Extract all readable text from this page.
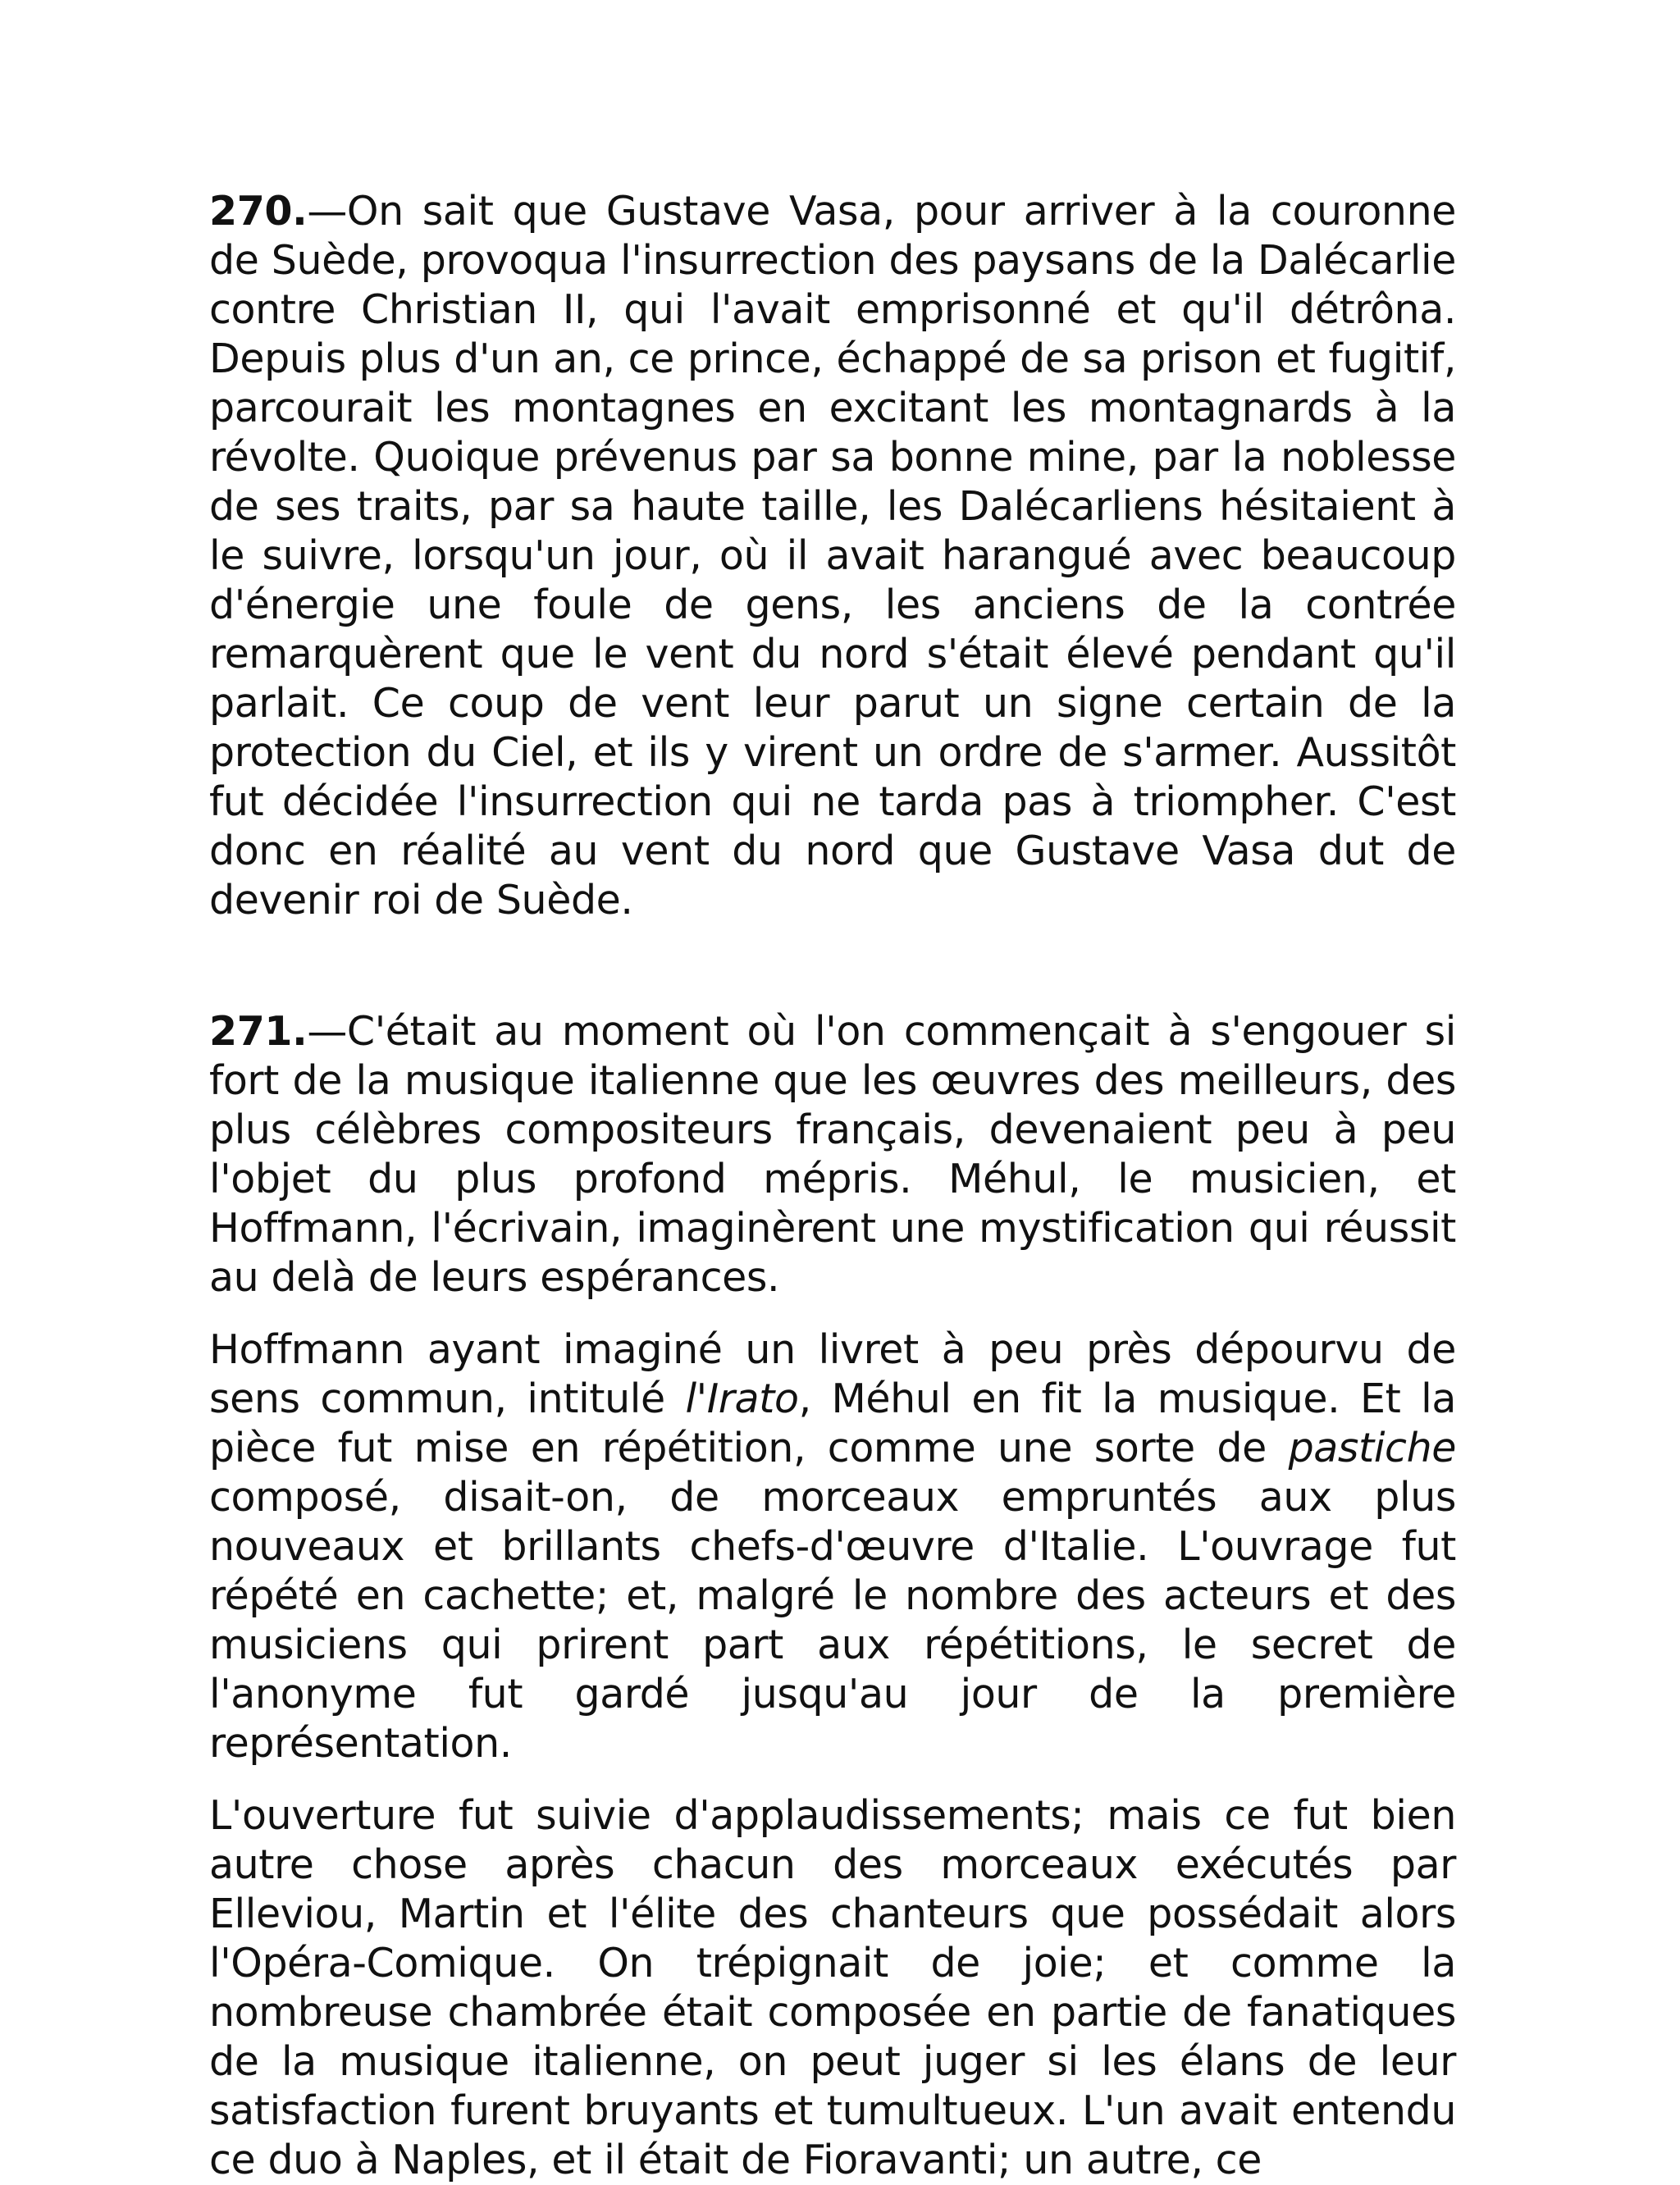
270.—On sait que Gustave Vasa, pour arriver à la couronne de Suède, provoqua l'insurrection des paysans de la Dalécarlie contre Christian II, qui l'avait emprisonné et qu'il détrôna. Depuis plus d'un an, ce prince, échappé de sa prison et fugitif, parcourait les montagnes en excitant les montagnards à la révolte. Quoique prévenus par sa bonne mine, par la noblesse de ses traits, par sa haute taille, les Dalécarliens hésitaient à le suivre, lorsqu'un jour, où il avait harangué avec beaucoup d'énergie une foule de gens, les anciens de la contrée remarquèrent que le vent du nord s'était élevé pendant qu'il parlait. Ce coup de vent leur parut un signe certain de la protection du Ciel, et ils y virent un ordre de s'armer. Aussitôt fut décidée l'insurrection qui ne tarda pas à triompher. C'est donc en réalité au vent du nord que Gustave Vasa dut de devenir roi de Suède.

271.—C'était au moment où l'on commençait à s'engouer si fort de la musique italienne que les œuvres des meilleurs, des plus célèbres compositeurs français, devenaient peu à peu l'objet du plus profond mépris. Méhul, le musicien, et Hoffmann, l'écrivain, imaginèrent une mystification qui réussit au delà de leurs espérances.

Hoffmann ayant imaginé un livret à peu près dépourvu de sens commun, intitulé l'Irato, Méhul en fit la musique. Et la pièce fut mise en répétition, comme une sorte de pastiche composé, disait-on, de morceaux empruntés aux plus nouveaux et brillants chefs-d'œuvre d'Italie. L'ouvrage fut répété en cachette; et, malgré le nombre des acteurs et des musiciens qui prirent part aux répétitions, le secret de l'anonyme fut gardé jusqu'au jour de la première représentation.

L'ouverture fut suivie d'applaudissements; mais ce fut bien autre chose après chacun des morceaux exécutés par Elleviou, Martin et l'élite des chanteurs que possédait alors l'Opéra-Comique. On trépignait de joie; et comme la nombreuse chambrée était composée en partie de fanatiques de la musique italienne, on peut juger si les élans de leur satisfaction furent bruyants et tumultueux. L'un avait entendu ce duo à Naples, et il était de Fioravanti; un autre, ce
